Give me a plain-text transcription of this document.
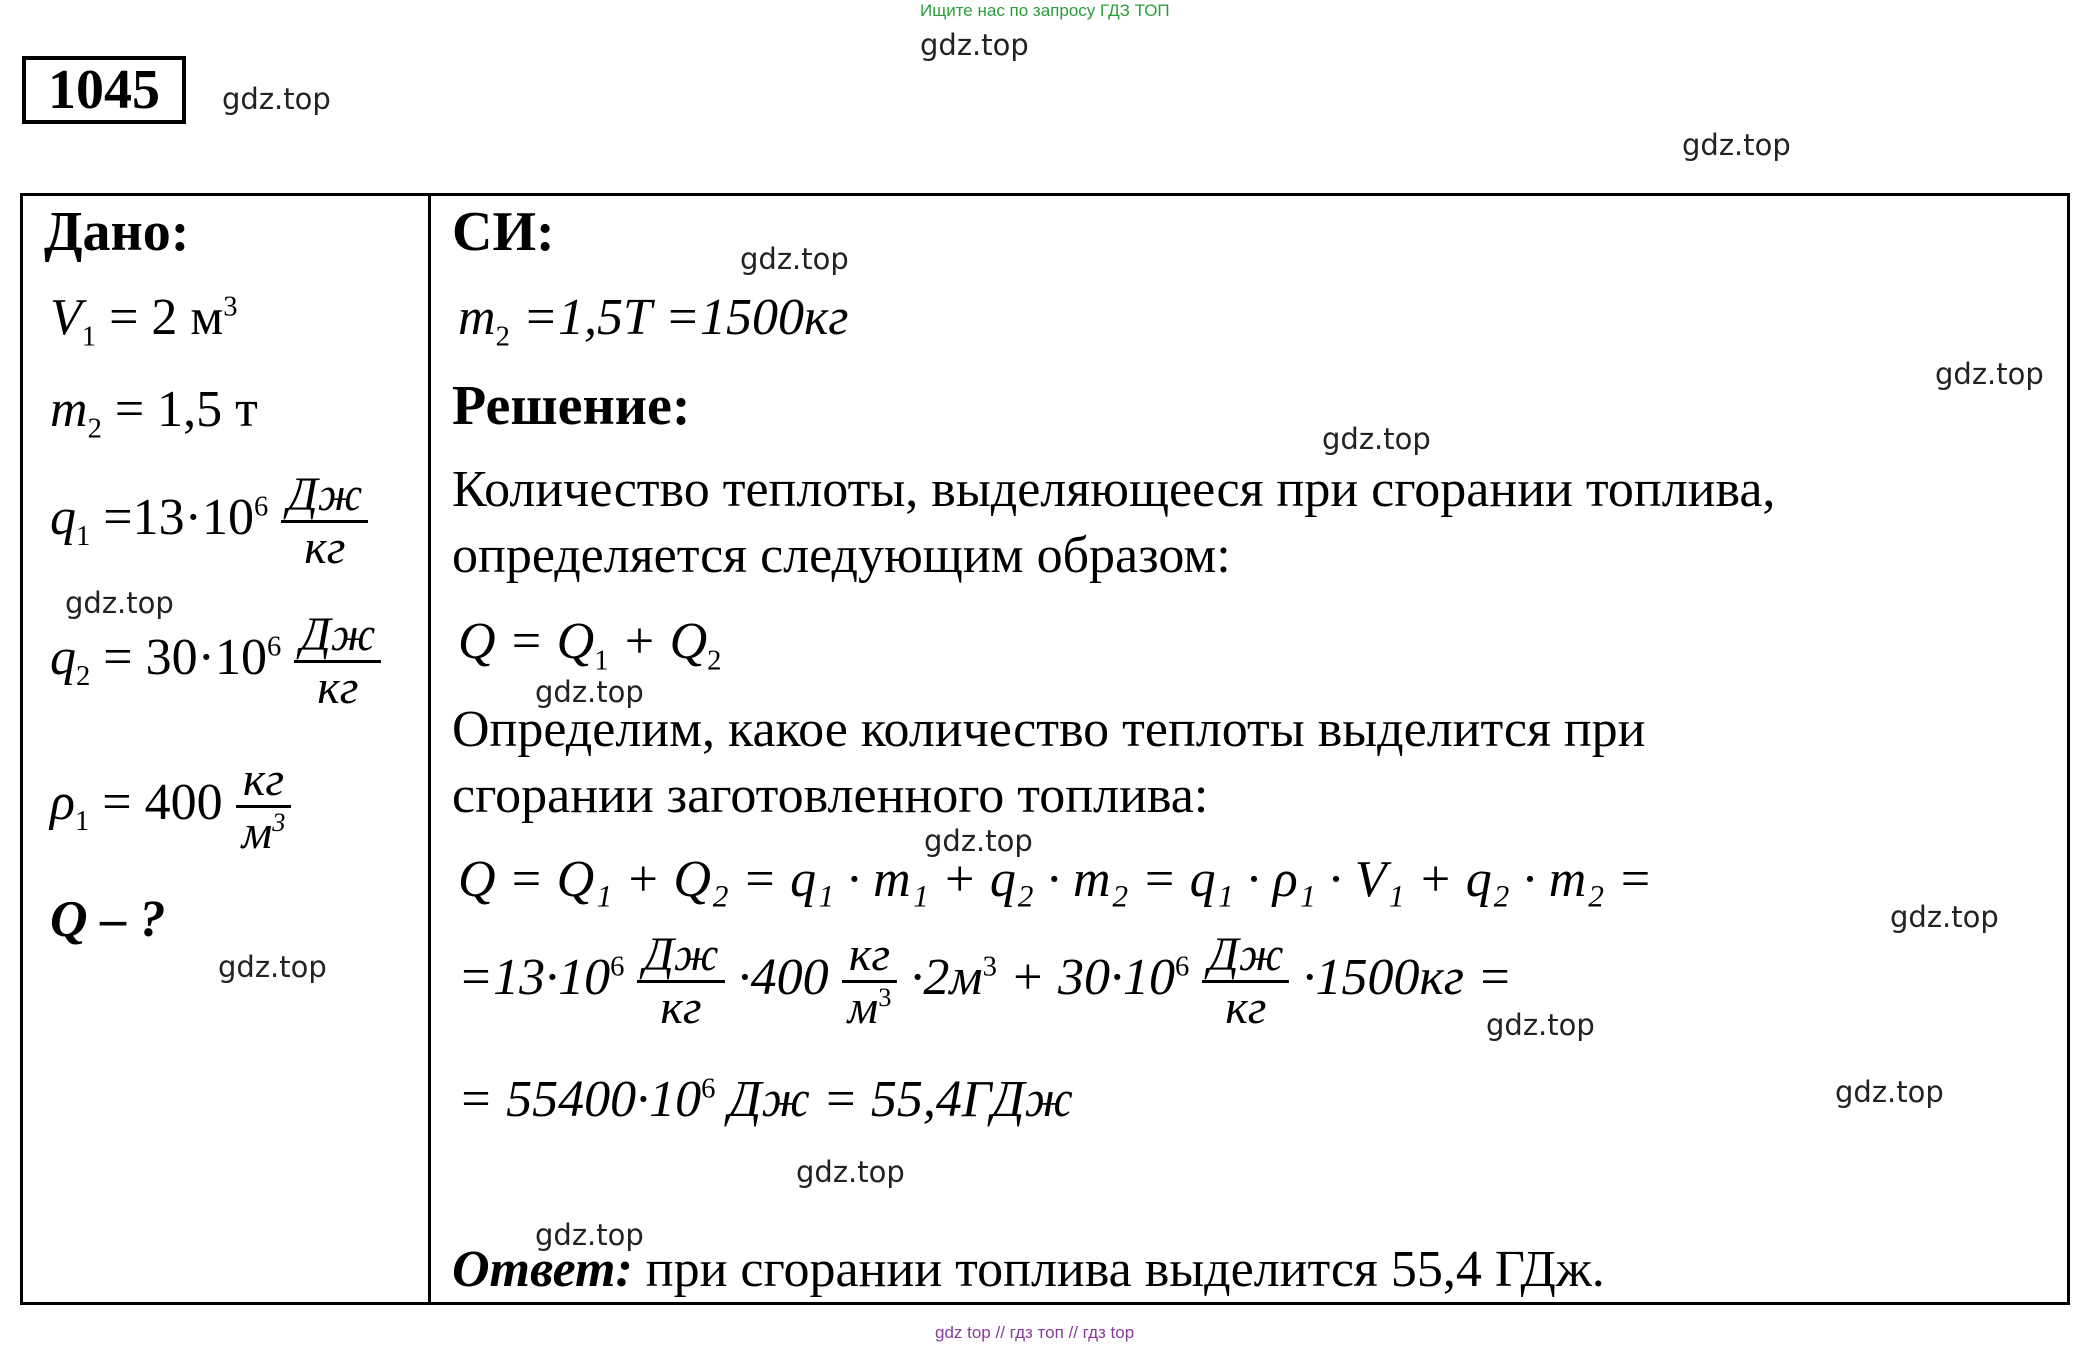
Ищите нас по запросу ГДЗ ТОП
1045
gdz.top
gdz.top
gdz.top
gdz.top
gdz.top
gdz.top
gdz.top
gdz.top
gdz.top
gdz.top
gdz.top
gdz.top
gdz.top
gdz.top
gdz.top
Дано:
$V_1 = 2$ $м^3$
$m_2 = 1,5$ т
$q_1 =13\cdot 10^6 \frac{Дж}{кг}$
$q_2 = 30\cdot 10^6 \frac{Дж}{кг}$
$\rho_1 = 400 \frac{кг}{м^3}$
Q – ?
СИ:
$m_2 =1,5Т =1500кг$
Решение:
Количество теплоты, выделяющееся при сгорании топлива,
определяется следующим образом:
$Q = Q_1 + Q_2$
Определим, какое количество теплоты выделится при
сгорании заготовленного топлива:
Q = Q₁ + Q₂ = q₁ · m₁ + q₂ · m₂ = q₁ · ρ₁ · V₁ + q₂ · m₂ =
$=13\cdot 10^6 \frac{Дж}{кг} \cdot 400 \frac{кг}{м^3} \cdot 2м^3 + 30\cdot 10^6 \frac{Дж}{кг} \cdot 1500кг$ =
= $55400\cdot 10^6$ Дж = 55,4ГДж
Ответ: при сгорании топлива выделится 55,4 ГДж.
gdz top // гдз топ // гдз top
